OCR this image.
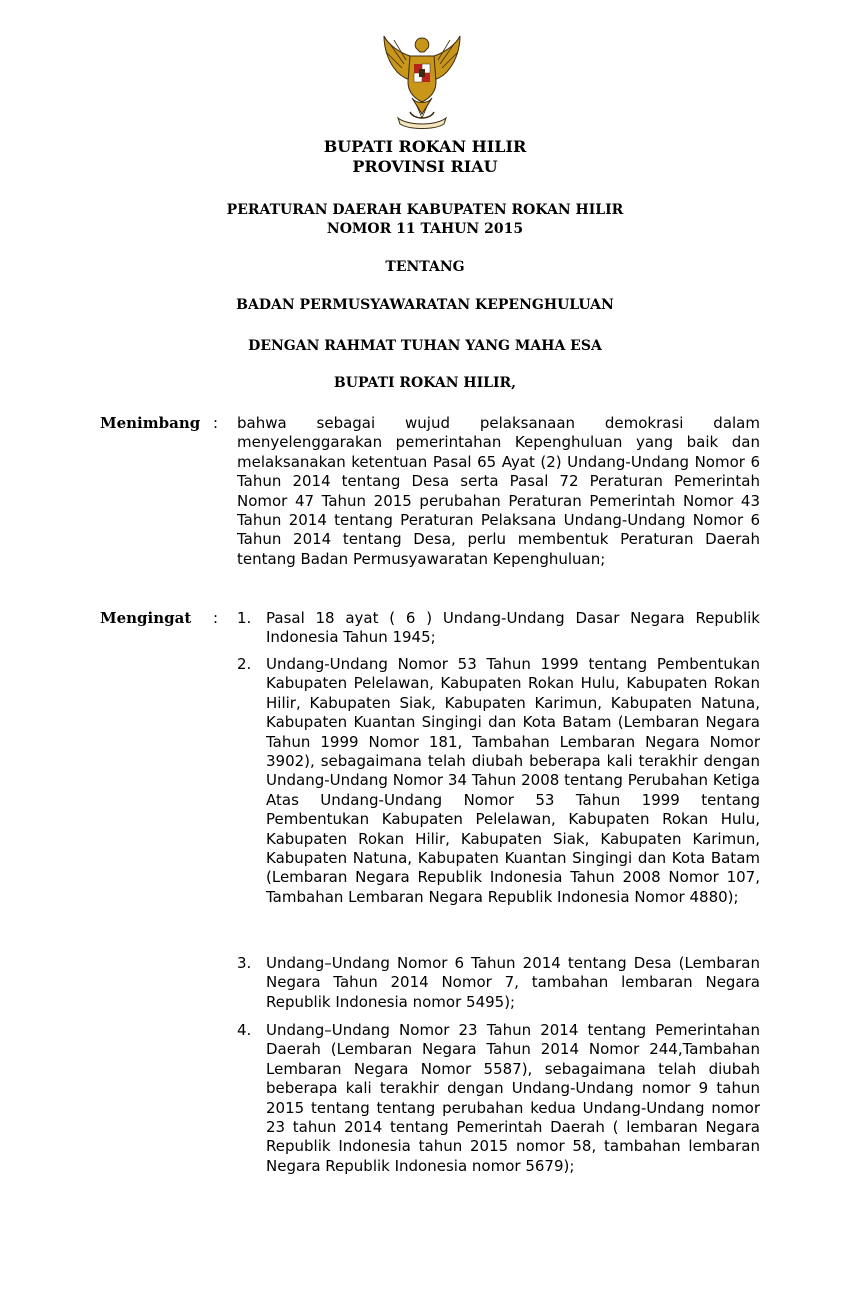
BUPATI ROKAN HILIR
PROVINSI RIAU
PERATURAN DAERAH KABUPATEN ROKAN HILIR
NOMOR 11 TAHUN 2015
TENTANG
BADAN PERMUSYAWARATAN KEPENGHULUAN
DENGAN RAHMAT TUHAN YANG MAHA ESA
BUPATI ROKAN HILIR,
Menimbang :	bahwa sebagai wujud pelaksanaan demokrasi dalam menyelenggarakan pemerintahan Kepenghuluan yang baik dan melaksanakan ketentuan Pasal 65 Ayat (2) Undang-Undang Nomor 6 Tahun 2014 tentang Desa serta Pasal 72 Peraturan Pemerintah Nomor 47 Tahun 2015 perubahan Peraturan Pemerintah Nomor 43 Tahun 2014 tentang Peraturan Pelaksana Undang-Undang Nomor 6 Tahun 2014 tentang Desa, perlu membentuk Peraturan Daerah tentang Badan Permusyawaratan Kepenghuluan;
Mengingat	:	1. Pasal 18 ayat ( 6 ) Undang-Undang Dasar Negara Republik Indonesia Tahun 1945;
2. Undang-Undang Nomor 53 Tahun 1999 tentang Pembentukan Kabupaten Pelelawan, Kabupaten Rokan Hulu, Kabupaten Rokan Hilir, Kabupaten Siak, Kabupaten Karimun, Kabupaten Natuna, Kabupaten Kuantan Singingi dan Kota Batam (Lembaran Negara Tahun 1999 Nomor 181, Tambahan Lembaran Negara Nomor 3902), sebagaimana telah diubah beberapa kali terakhir dengan Undang-Undang Nomor 34 Tahun 2008 tentang Perubahan Ketiga Atas Undang-Undang Nomor 53 Tahun 1999 tentang Pembentukan Kabupaten Pelelawan, Kabupaten Rokan Hulu, Kabupaten Rokan Hilir, Kabupaten Siak, Kabupaten Karimun, Kabupaten Natuna, Kabupaten Kuantan Singingi dan Kota Batam (Lembaran Negara Republik Indonesia Tahun 2008 Nomor 107, Tambahan Lembaran Negara Republik Indonesia Nomor 4880);
3. Undang–Undang Nomor 6 Tahun 2014 tentang Desa (Lembaran Negara Tahun 2014 Nomor 7, tambahan lembaran Negara Republik Indonesia nomor 5495);
4. Undang–Undang Nomor 23 Tahun 2014 tentang Pemerintahan Daerah (Lembaran Negara Tahun 2014 Nomor 244,Tambahan Lembaran Negara Nomor 5587), sebagaimana telah diubah beberapa kali terakhir dengan Undang-Undang nomor 9 tahun 2015 tentang tentang perubahan kedua Undang-Undang nomor 23 tahun 2014 tentang Pemerintah Daerah ( lembaran Negara Republik Indonesia tahun 2015 nomor 58, tambahan lembaran Negara Republik Indonesia nomor 5679);
